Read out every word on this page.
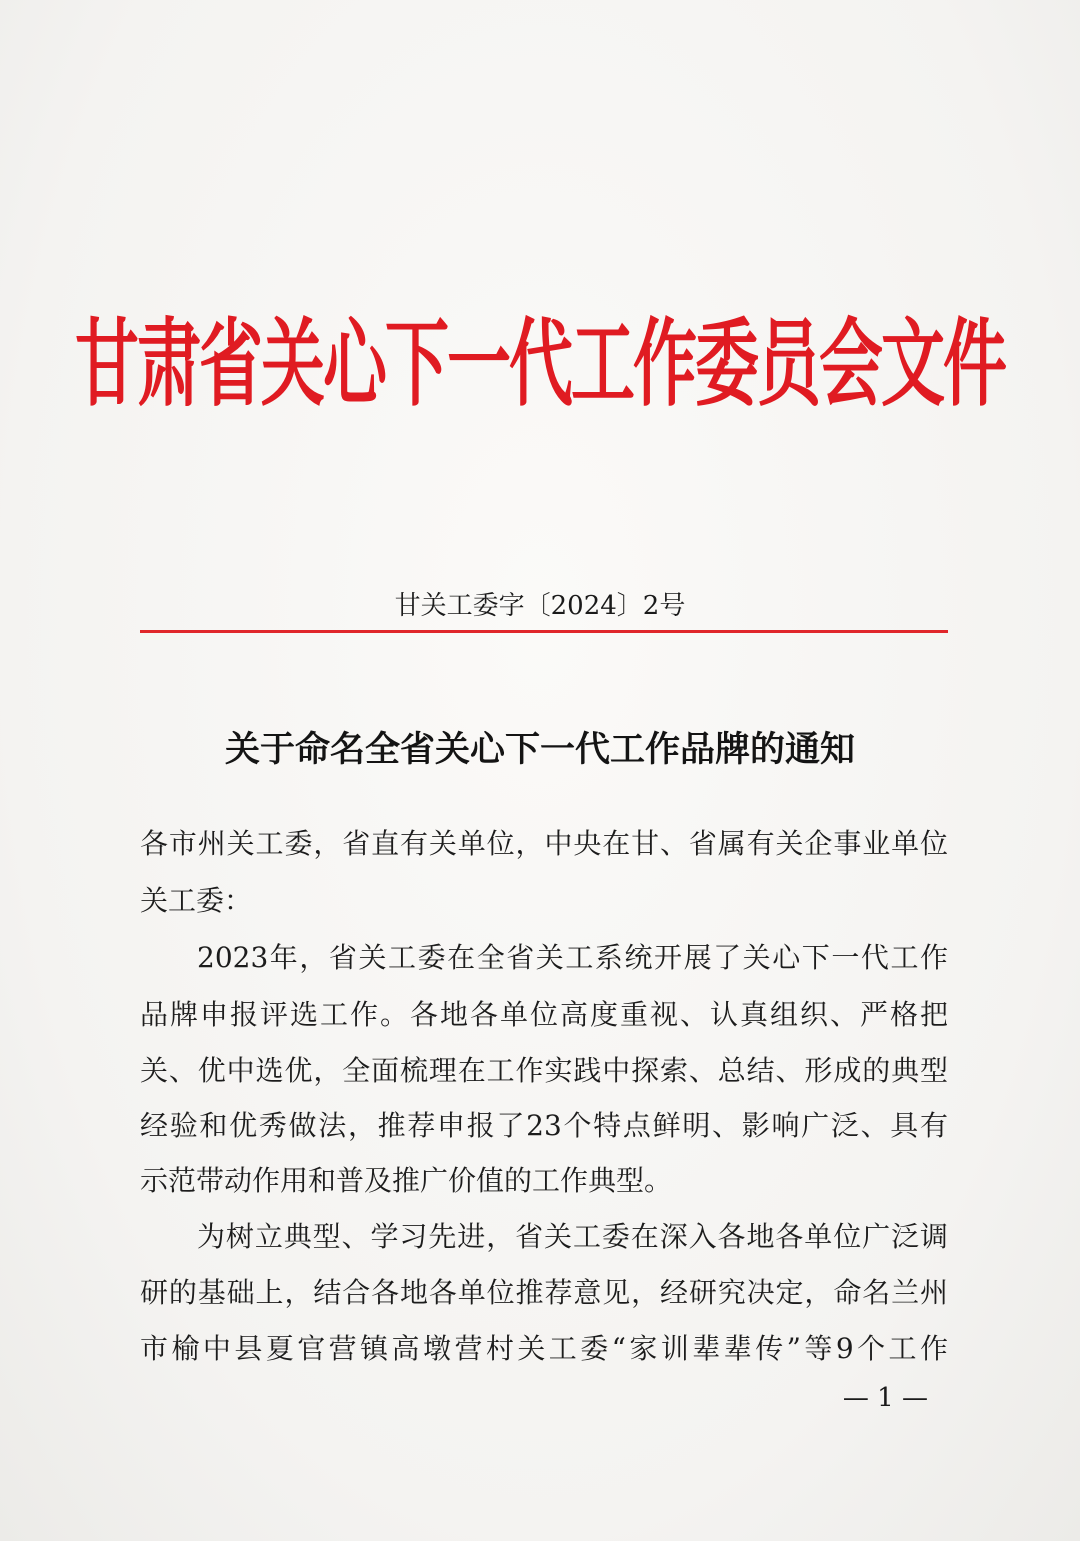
甘肃省关心下一代工作委员会文件
甘关工委字〔2024〕2号
关于命名全省关心下一代工作品牌的通知
各市州关工委，省直有关单位，中央在甘、省属有关企事业单位
关工委：
2023年，省关工委在全省关工系统开展了关心下一代工作
品牌申报评选工作。各地各单位高度重视、认真组织、严格把
关、优中选优，全面梳理在工作实践中探索、总结、形成的典型
经验和优秀做法，推荐申报了23个特点鲜明、影响广泛、具有
示范带动作用和普及推广价值的工作典型。
为树立典型、学习先进，省关工委在深入各地各单位广泛调
研的基础上，结合各地各单位推荐意见，经研究决定，命名兰州
市榆中县夏官营镇高墩营村关工委“家训辈辈传”等9个工作
— 1 —
